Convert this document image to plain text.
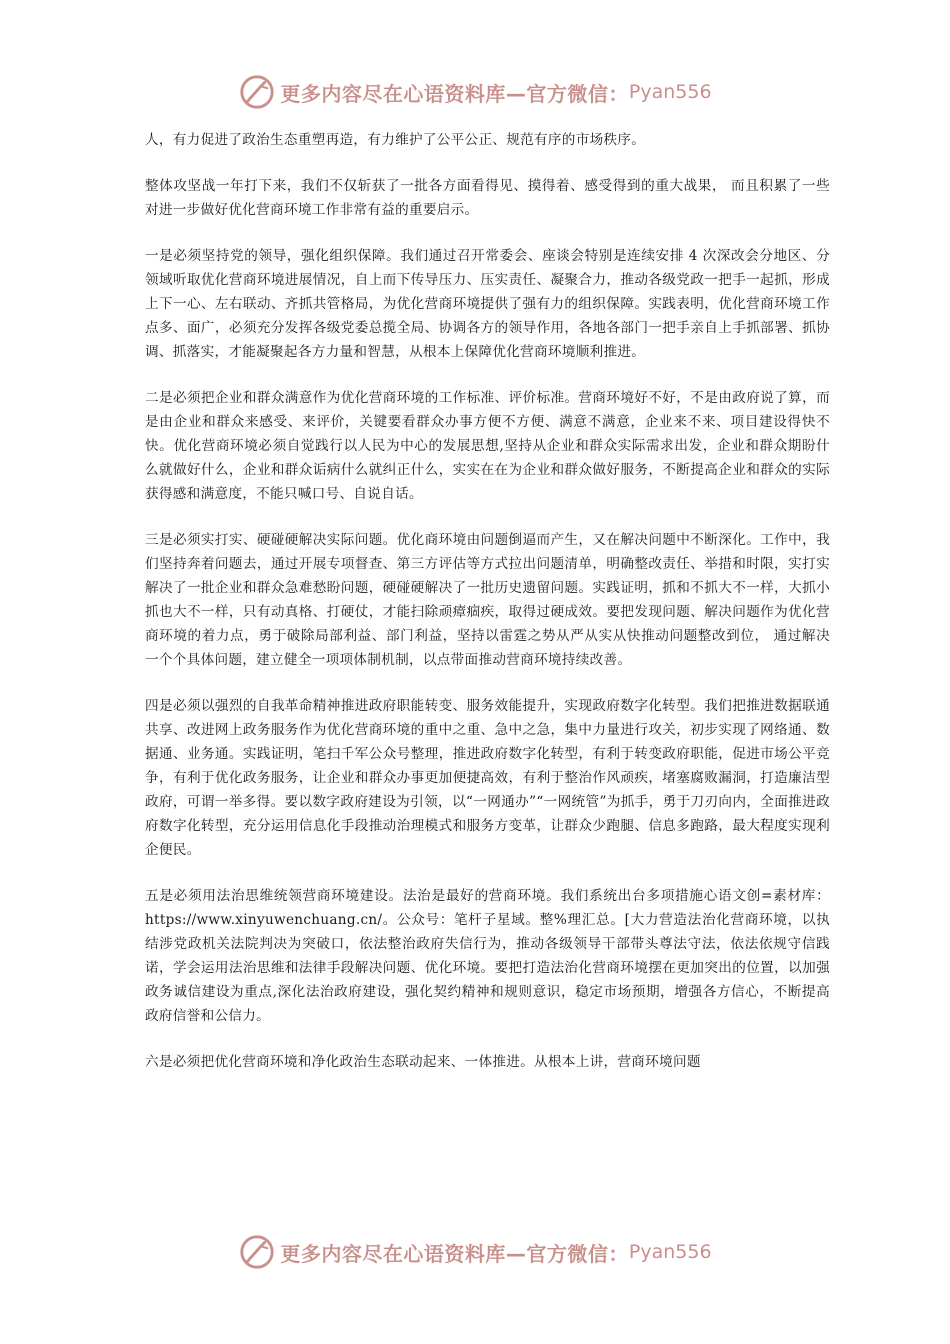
更多内容尽在心语资料库—官方微信： Pyan556

人，有力促进了政治生态重塑再造，有力维护了公平公正、规范有序的市场秩序。

整体攻坚战一年打下来，我们不仅斩获了一批各方面看得见、摸得着、感受得到的重大战果， 而且积累了一些对进一步做好优化营商环境工作非常有益的重要启示。

一是必须坚持党的领导，强化组织保障。我们通过召开常委会、座谈会特别是连续安排 4 次深改会分地区、分领域听取优化营商环境进展情况，自上而下传导压力、压实责任、凝聚合力，推动各级党政一把手一起抓，形成上下一心、左右联动、齐抓共管格局，为优化营商环境提供了强有力的组织保障。实践表明，优化营商环境工作点多、面广，必须充分发挥各级党委总揽全局、协调各方的领导作用，各地各部门一把手亲自上手抓部署、抓协调、抓落实，才能凝聚起各方力量和智慧，从根本上保障优化营商环境顺利推进。

二是必须把企业和群众满意作为优化营商环境的工作标准、评价标准。营商环境好不好，不是由政府说了算，而是由企业和群众来感受、来评价，关键要看群众办事方便不方便、满意不满意，企业来不来、项目建设得快不快。优化营商环境必须自觉践行以人民为中心的发展思想,坚持从企业和群众实际需求出发，企业和群众期盼什么就做好什么，企业和群众诟病什么就纠正什么，实实在在为企业和群众做好服务，不断提高企业和群众的实际获得感和满意度，不能只喊口号、自说自话。

三是必须实打实、硬碰硬解决实际问题。优化商环境由问题倒逼而产生，又在解决问题中不断深化。工作中，我们坚持奔着问题去，通过开展专项督查、第三方评估等方式拉出问题清单，明确整改责任、举措和时限，实打实解决了一批企业和群众急难愁盼问题，硬碰硬解决了一批历史遗留问题。实践证明，抓和不抓大不一样，大抓小抓也大不一样，只有动真格、打硬仗，才能扫除顽瘴痼疾，取得过硬成效。要把发现问题、解决问题作为优化营商环境的着力点，勇于破除局部利益、部门利益，坚持以雷霆之势从严从实从快推动问题整改到位， 通过解决一个个具体问题，建立健全一项项体制机制，以点带面推动营商环境持续改善。

四是必须以强烈的自我革命精神推进政府职能转变、服务效能提升，实现政府数字化转型。我们把推进数据联通共享、改进网上政务服务作为优化营商环境的重中之重、急中之急，集中力量进行攻关，初步实现了网络通、数据通、业务通。实践证明，笔扫千军公众号整理，推进政府数字化转型，有利于转变政府职能，促进市场公平竞争，有利于优化政务服务，让企业和群众办事更加便捷高效，有利于整治作风顽疾，堵塞腐败漏洞，打造廉洁型政府，可谓一举多得。要以数字政府建设为引领，以“一网通办”“一网统管”为抓手，勇于刀刃向内，全面推进政府数字化转型，充分运用信息化手段推动治理模式和服务方变革，让群众少跑腿、信息多跑路，最大程度实现利企便民。

五是必须用法治思维统领营商环境建设。法治是最好的营商环境。我们系统出台多项措施心语文创=素材库：https://www.xinyuwenchuang.cn/。公众号：笔杆子星域。整%理汇总。[大力营造法治化营商环境，以执结涉党政机关法院判决为突破口，依法整治政府失信行为，推动各级领导干部带头尊法守法，依法依规守信践诺，学会运用法治思维和法律手段解决问题、优化环境。要把打造法治化营商环境摆在更加突出的位置，以加强政务诚信建设为重点,深化法治政府建设，强化契约精神和规则意识，稳定市场预期，增强各方信心，不断提高政府信誉和公信力。

六是必须把优化营商环境和净化政治生态联动起来、一体推进。从根本上讲，营商环境问题

更多内容尽在心语资料库—官方微信： Pyan556
